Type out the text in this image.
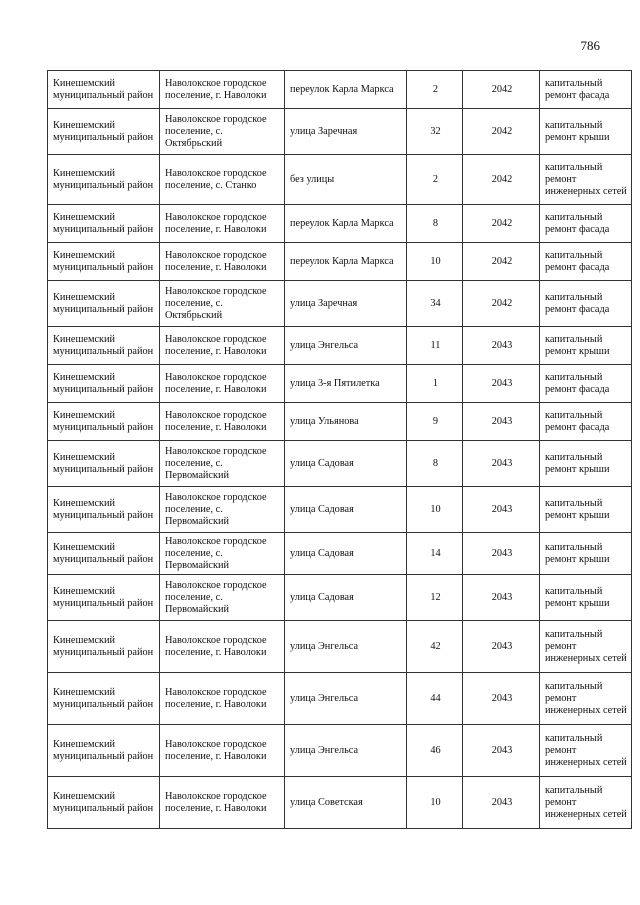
786
Кинешемский муниципальный район	Наволокское городское поселение, г. Наволоки	переулок Карла Маркса	2	2042	капитальный ремонт фасада
Кинешемский муниципальный район	Наволокское городское поселение, с. Октябрьский	улица Заречная	32	2042	капитальный ремонт крыши
Кинешемский муниципальный район	Наволокское городское поселение, с. Станко	без улицы	2	2042	капитальный ремонт инженерных сетей
Кинешемский муниципальный район	Наволокское городское поселение, г. Наволоки	переулок Карла Маркса	8	2042	капитальный ремонт фасада
Кинешемский муниципальный район	Наволокское городское поселение, г. Наволоки	переулок Карла Маркса	10	2042	капитальный ремонт фасада
Кинешемский муниципальный район	Наволокское городское поселение, с. Октябрьский	улица Заречная	34	2042	капитальный ремонт фасада
Кинешемский муниципальный район	Наволокское городское поселение, г. Наволоки	улица Энгельса	11	2043	капитальный ремонт крыши
Кинешемский муниципальный район	Наволокское городское поселение, г. Наволоки	улица 3-я Пятилетка	1	2043	капитальный ремонт фасада
Кинешемский муниципальный район	Наволокское городское поселение, г. Наволоки	улица Ульянова	9	2043	капитальный ремонт фасада
Кинешемский муниципальный район	Наволокское городское поселение, с. Первомайский	улица Садовая	8	2043	капитальный ремонт крыши
Кинешемский муниципальный район	Наволокское городское поселение, с. Первомайский	улица Садовая	10	2043	капитальный ремонт крыши
Кинешемский муниципальный район	Наволокское городское поселение, с. Первомайский	улица Садовая	14	2043	капитальный ремонт крыши
Кинешемский муниципальный район	Наволокское городское поселение, с. Первомайский	улица Садовая	12	2043	капитальный ремонт крыши
Кинешемский муниципальный район	Наволокское городское поселение, г. Наволоки	улица Энгельса	42	2043	капитальный ремонт инженерных сетей
Кинешемский муниципальный район	Наволокское городское поселение, г. Наволоки	улица Энгельса	44	2043	капитальный ремонт инженерных сетей
Кинешемский муниципальный район	Наволокское городское поселение, г. Наволоки	улица Энгельса	46	2043	капитальный ремонт инженерных сетей
Кинешемский муниципальный район	Наволокское городское поселение, г. Наволоки	улица Советская	10	2043	капитальный ремонт инженерных сетей
